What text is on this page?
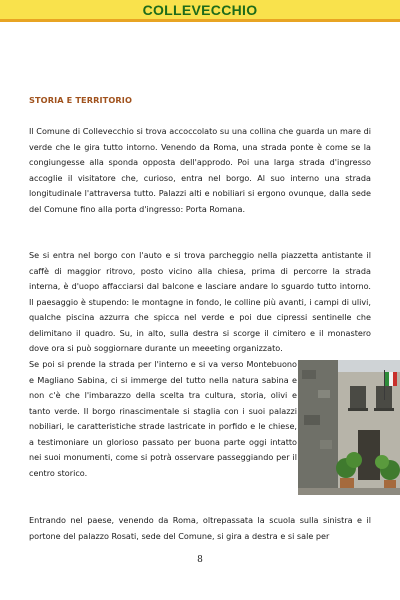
COLLEVECCHIO
STORIA E TERRITORIO

Il Comune di Collevecchio si trova accoccolato su una collina che guarda un mare di verde che le gira tutto intorno. Venendo da Roma, una strada ponte è come se la congiungesse alla sponda opposta dell'approdo. Poi una larga strada d'ingresso accoglie il visitatore che, curioso, entra nel borgo. Al suo interno una strada longitudinale l'attraversa tutto. Palazzi alti e nobiliari si ergono ovunque, dalla sede del Comune fino alla porta d'ingresso: Porta Romana.

Se si entra nel borgo con l'auto e si trova parcheggio nella piazzetta antistante il caffè di maggior ritrovo, posto vicino alla chiesa, prima di percorre la strada interna, è d'uopo affacciarsi dal balcone e lasciare andare lo sguardo tutto intorno. Il paesaggio è stupendo: le montagne in fondo, le colline più avanti, i campi di ulivi, qualche piscina azzurra che spicca nel verde e poi due cipressi sentinelle che delimitano il quadro. Su, in alto, sulla destra si scorge il cimitero e il monastero dove ora si può soggiornare durante un meeeting organizzato.

Se poi si prende la strada per l'interno e si va verso Montebuono e Magliano Sabina, ci si immerge del tutto nella natura sabina e non c'è che l'imbarazzo della scelta tra cultura, storia, olivi e tanto verde. Il borgo rinascimentale si staglia con i suoi palazzi nobiliari, le caratteristiche strade lastricate in porfido e le chiese, a testimoniare un glorioso passato per buona parte oggi intatto nei suoi monumenti, come si potrà osservare passeggiando per il centro storico.

Entrando nel paese, venendo da Roma, oltrepassata la scuola sulla sinistra e il portone del palazzo Rosati, sede del Comune, si gira a destra e si sale per

8
